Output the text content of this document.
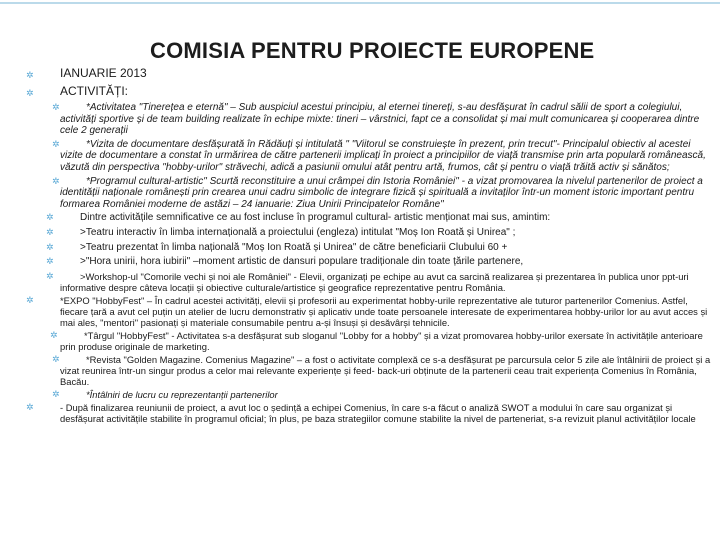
COMISIA PENTRU PROIECTE EUROPENE

✲ IANUARIE 2013

✲ ACTIVITĂȚI:

✲	*Activitatea "Tinerețea e eternă" – Sub auspiciul acestui principiu, al eternei tinereți, s-au desfășurat în cadrul sălii de sport a colegiului, activități sportive și de team building realizate în echipe mixte: tineri – vârstnici, fapt ce a consolidat și mai mult comunicarea și cooperarea dintre cele 2 generații

✲	*Vizita de documentare desfășurată în Rădăuți și intitulată " "Viitorul se construiește în prezent, prin trecut"- Principalul obiectiv al acestei vizite de documentare a constat în urmărirea de către partenerii implicați în proiect a principiilor de viață transmise prin arta populară românească, văzută din perspectiva "hobby-urilor" străvechi, adică a pasiunii omului atât pentru artă, frumos, cât și pentru o viață trăită activ și sănătos;

✲	*Programul cultural-artistic" Scurtă reconstituire a unui crâmpei din Istoria României" - a vizat promovarea la nivelul partenerilor de proiect a identității naționale românești prin crearea unui cadru simbolic de integrare fizică și spirituală a invitaților într-un moment istoric important pentru formarea României moderne de astăzi – 24 ianuarie: Ziua Unirii Principatelor Române"

✲	Dintre activitățile semnificative ce au fost incluse în programul cultural- artistic menționat mai sus, amintim:

✲	>Teatru interactiv în limba internațională a proiectului (engleza) intitulat "Moș Ion Roată și Unirea" ;

✲	>Teatru prezentat în limba națională "Moș Ion Roată și Unirea" de către beneficiarii Clubului 60 +

✲	>"Hora unirii, hora iubirii" –moment artistic de dansuri populare tradiționale din toate țările partenere,

✲	>Workshop-ul "Comorile vechi și noi ale României" - Elevii, organizați pe echipe au avut ca sarcină realizarea și prezentarea în publica unor ppt-uri informative despre câteva locații și obiective culturale/artistice și geografice reprezentative pentru România.

✲	*EXPO "HobbyFest" – În cadrul acestei activități, elevii și profesorii au experimentat hobby-urile reprezentative ale tuturor partenerilor Comenius. Astfel, fiecare țară a avut cel puțin un atelier de lucru demonstrativ și aplicativ unde toate persoanele interesate de experimentarea hobby-urilor lor au avut acces și mai ales, "mentori" pasionați și materiale consumabile pentru a-și însuși și desăvârși tehnicile.

✲	*Târgul "HobbyFest" - Activitatea s-a desfășurat sub sloganul "Lobby for a hobby" și a vizat promovarea hobby-urilor exersate în activitățile anterioare prin produse originale de marketing.

✲	*Revista "Golden Magazine. Comenius Magazine" – a fost o activitate complexă ce s-a desfășurat pe parcursula celor 5 zile ale întâlnirii de proiect și a vizat reunirea într-un singur produs a celor mai relevante experiențe și feed- back-uri obținute de la partenerii ceau trait experiența Comenius în România, Bacău.

✲	*Întâlniri de lucru cu reprezentanții partenerilor

✲	- După finalizarea reuniunii de proiect, a avut loc o ședință a echipei Comenius, în care s-a făcut o analiză SWOT a modului în care sau organizat și desfășurat activitățile stabilite în programul oficial; în plus, pe baza strategiilor comune stabilite la nivel de parteneriat, s-a revizuit planul activităților locale
